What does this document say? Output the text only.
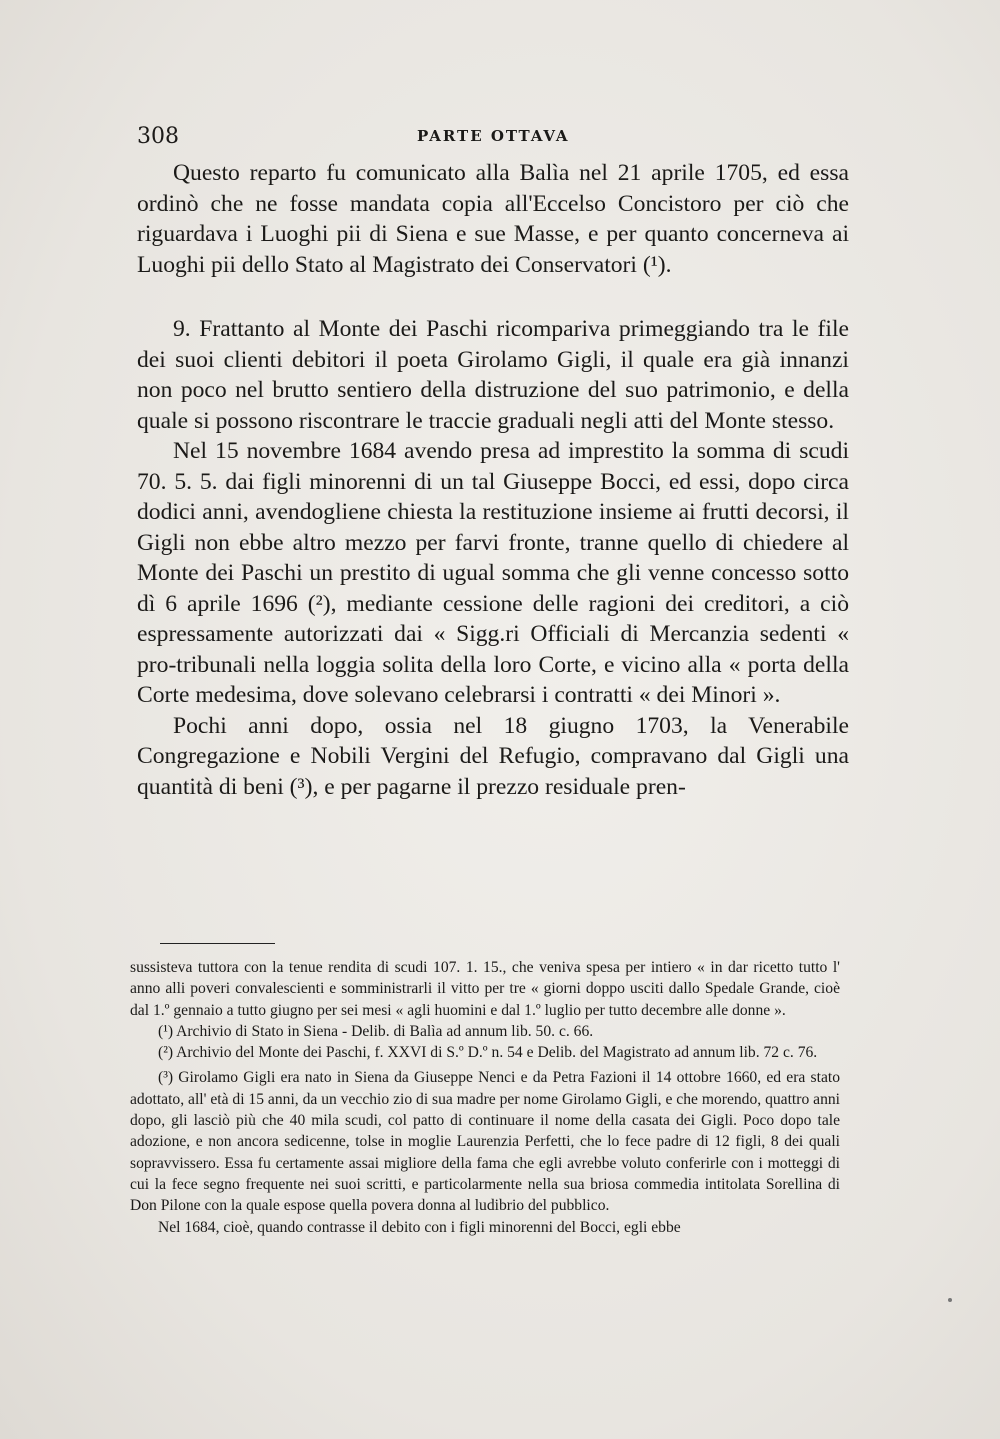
308	PARTE OTTAVA

Questo reparto fu comunicato alla Balìa nel 21 aprile 1705, ed essa ordinò che ne fosse mandata copia all'Eccelso Concistoro per ciò che riguardava i Luoghi pii di Siena e sue Masse, e per quanto concerneva ai Luoghi pii dello Stato al Magistrato dei Conservatori (¹).

9. Frattanto al Monte dei Paschi ricompariva primeggiando tra le file dei suoi clienti debitori il poeta Girolamo Gigli, il quale era già innanzi non poco nel brutto sentiero della distruzione del suo patrimonio, e della quale si possono riscontrare le traccie graduali negli atti del Monte stesso.

Nel 15 novembre 1684 avendo presa ad imprestito la somma di scudi 70. 5. 5. dai figli minorenni di un tal Giuseppe Bocci, ed essi, dopo circa dodici anni, avendogliene chiesta la restituzione insieme ai frutti decorsi, il Gigli non ebbe altro mezzo per farvi fronte, tranne quello di chiedere al Monte dei Paschi un prestito di ugual somma che gli venne concesso sotto dì 6 aprile 1696 (²), mediante cessione delle ragioni dei creditori, a ciò espressamente autorizzati dai « Sigg.ri Officiali di Mercanzia sedenti « pro-tribunali nella loggia solita della loro Corte, e vicino alla « porta della Corte medesima, dove solevano celebrarsi i contratti « dei Minori ».

Pochi anni dopo, ossia nel 18 giugno 1703, la Venerabile Congregazione e Nobili Vergini del Refugio, compravano dal Gigli una quantità di beni (³), e per pagarne il prezzo residuale pren-

sussisteva tuttora con la tenue rendita di scudi 107. 1. 15., che veniva spesa per intiero « in dar ricetto tutto l' anno alli poveri convalescienti e somministrarli il vitto per tre « giorni doppo usciti dallo Spedale Grande, cioè dal 1.º gennaio a tutto giugno per sei mesi « agli huomini e dal 1.º luglio per tutto decembre alle donne ».

(¹) Archivio di Stato in Siena - Delib. di Balìa ad annum lib. 50. c. 66.

(²) Archivio del Monte dei Paschi, f. XXVI di S.º D.º n. 54 e Delib. del Magistrato ad annum lib. 72 c. 76.

(³) Girolamo Gigli era nato in Siena da Giuseppe Nenci e da Petra Fazioni il 14 ottobre 1660, ed era stato adottato, all' età di 15 anni, da un vecchio zio di sua madre per nome Girolamo Gigli, e che morendo, quattro anni dopo, gli lasciò più che 40 mila scudi, col patto di continuare il nome della casata dei Gigli. Poco dopo tale adozione, e non ancora sedicenne, tolse in moglie Laurenzia Perfetti, che lo fece padre di 12 figli, 8 dei quali sopravvissero. Essa fu certamente assai migliore della fama che egli avrebbe voluto conferirle con i motteggi di cui la fece segno frequente nei suoi scritti, e particolarmente nella sua briosa commedia intitolata Sorellina di Don Pilone con la quale espose quella povera donna al ludibrio del pubblico.

Nel 1684, cioè, quando contrasse il debito con i figli minorenni del Bocci, egli ebbe
